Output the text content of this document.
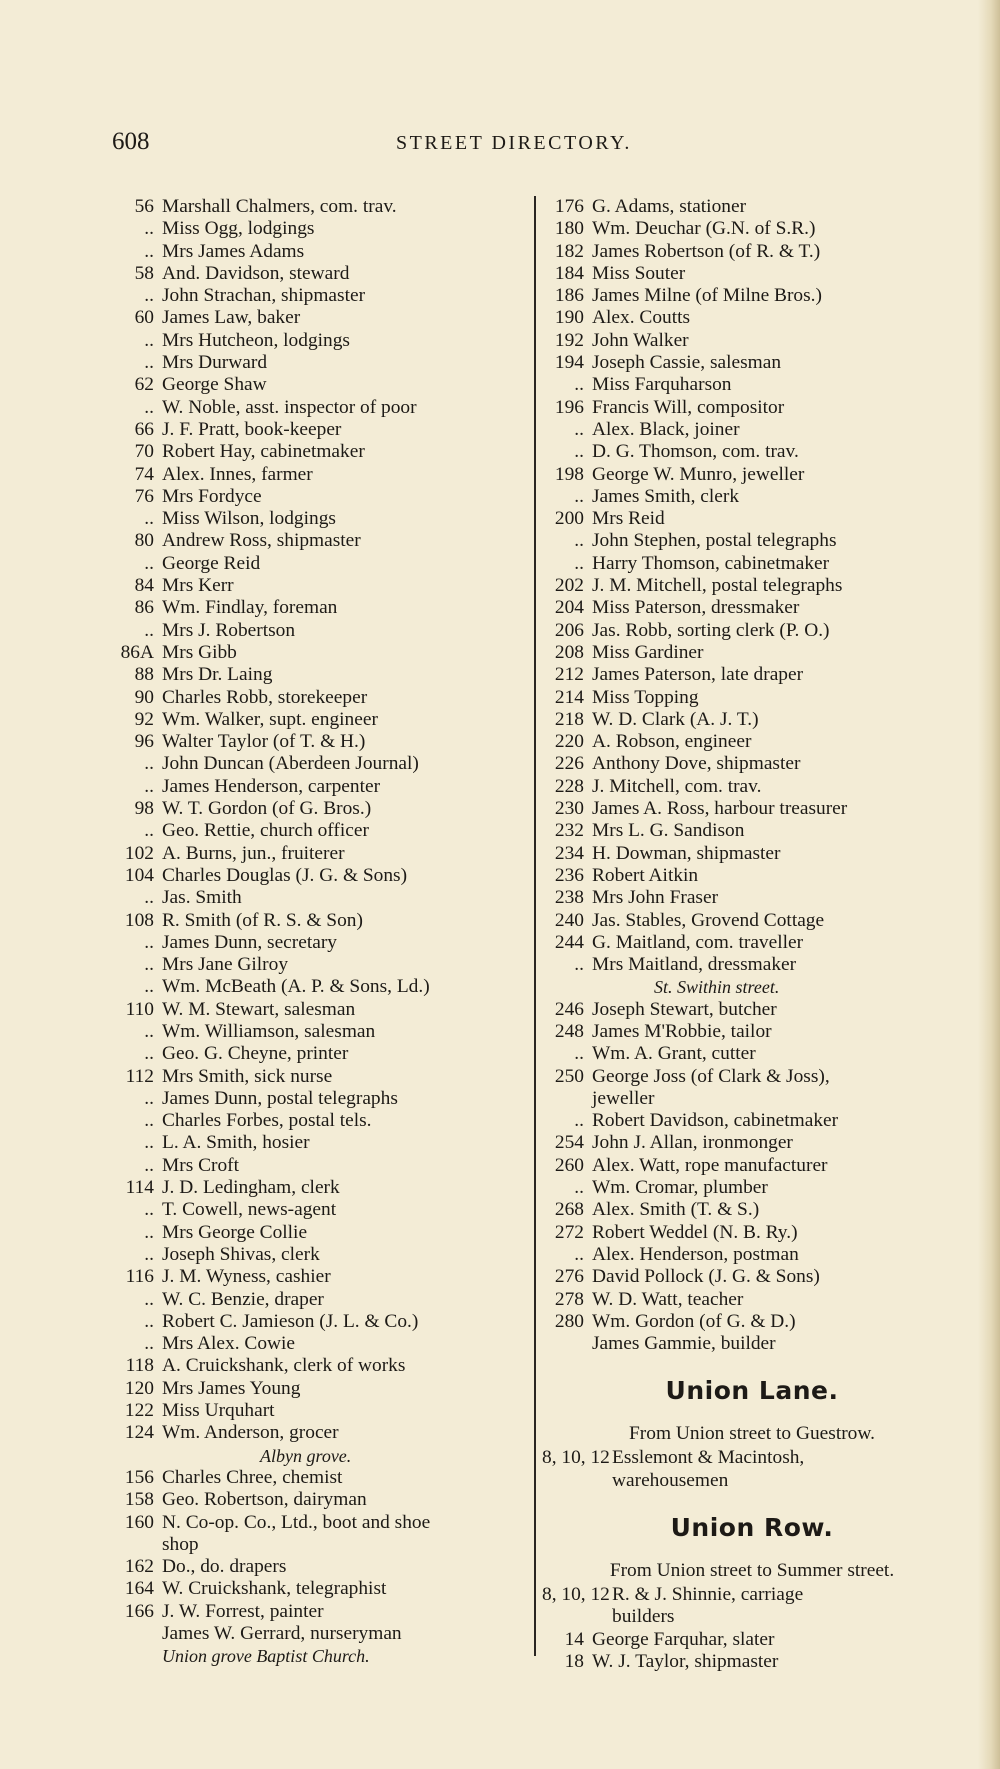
608	STREET DIRECTORY.
56 Marshall Chalmers, com. trav.
.. Miss Ogg, lodgings
.. Mrs James Adams
58 And. Davidson, steward
.. John Strachan, shipmaster
60 James Law, baker
.. Mrs Hutcheon, lodgings
.. Mrs Durward
62 George Shaw
.. W. Noble, asst. inspector of poor
66 J. F. Pratt, book-keeper
70 Robert Hay, cabinetmaker
74 Alex. Innes, farmer
76 Mrs Fordyce
.. Miss Wilson, lodgings
80 Andrew Ross, shipmaster
.. George Reid
84 Mrs Kerr
86 Wm. Findlay, foreman
.. Mrs J. Robertson
86A Mrs Gibb
88 Mrs Dr. Laing
90 Charles Robb, storekeeper
92 Wm. Walker, supt. engineer
96 Walter Taylor (of T. & H.)
.. John Duncan (Aberdeen Journal)
.. James Henderson, carpenter
98 W. T. Gordon (of G. Bros.)
.. Geo. Rettie, church officer
102 A. Burns, jun., fruiterer
104 Charles Douglas (J. G. & Sons)
.. Jas. Smith
108 R. Smith (of R. S. & Son)
.. James Dunn, secretary
.. Mrs Jane Gilroy
.. Wm. McBeath (A. P. & Sons, Ld.)
110 W. M. Stewart, salesman
.. Wm. Williamson, salesman
.. Geo. G. Cheyne, printer
112 Mrs Smith, sick nurse
.. James Dunn, postal telegraphs
.. Charles Forbes, postal tels.
.. L. A. Smith, hosier
.. Mrs Croft
114 J. D. Ledingham, clerk
.. T. Cowell, news-agent
.. Mrs George Collie
.. Joseph Shivas, clerk
116 J. M. Wyness, cashier
.. W. C. Benzie, draper
.. Robert C. Jamieson (J. L. & Co.)
.. Mrs Alex. Cowie
118 A. Cruickshank, clerk of works
120 Mrs James Young
122 Miss Urquhart
124 Wm. Anderson, grocer
Albyn grove.
156 Charles Chree, chemist
158 Geo. Robertson, dairyman
160 N. Co-op. Co., Ltd., boot and shoe
shop
162 Do., do. drapers
164 W. Cruickshank, telegraphist
166 J. W. Forrest, painter
James W. Gerrard, nurseryman
Union grove Baptist Church.
176 G. Adams, stationer
180 Wm. Deuchar (G.N. of S.R.)
182 James Robertson (of R. & T.)
184 Miss Souter
186 James Milne (of Milne Bros.)
190 Alex. Coutts
192 John Walker
194 Joseph Cassie, salesman
.. Miss Farquharson
196 Francis Will, compositor
.. Alex. Black, joiner
.. D. G. Thomson, com. trav.
198 George W. Munro, jeweller
.. James Smith, clerk
200 Mrs Reid
.. John Stephen, postal telegraphs
.. Harry Thomson, cabinetmaker
202 J. M. Mitchell, postal telegraphs
204 Miss Paterson, dressmaker
206 Jas. Robb, sorting clerk (P. O.)
208 Miss Gardiner
212 James Paterson, late draper
214 Miss Topping
218 W. D. Clark (A. J. T.)
220 A. Robson, engineer
226 Anthony Dove, shipmaster
228 J. Mitchell, com. trav.
230 James A. Ross, harbour treasurer
232 Mrs L. G. Sandison
234 H. Dowman, shipmaster
236 Robert Aitkin
238 Mrs John Fraser
240 Jas. Stables, Grovend Cottage
244 G. Maitland, com. traveller
.. Mrs Maitland, dressmaker
St. Swithin street.
246 Joseph Stewart, butcher
248 James M'Robbie, tailor
.. Wm. A. Grant, cutter
250 George Joss (of Clark & Joss),
jeweller
.. Robert Davidson, cabinetmaker
254 John J. Allan, ironmonger
260 Alex. Watt, rope manufacturer
.. Wm. Cromar, plumber
268 Alex. Smith (T. & S.)
272 Robert Weddel (N. B. Ry.)
.. Alex. Henderson, postman
276 David Pollock (J. G. & Sons)
278 W. D. Watt, teacher
280 Wm. Gordon (of G. & D.)
James Gammie, builder
Union Lane.
From Union street to Guestrow.
8, 10, 12 Esslemont & Macintosh,
warehousemen
Union Row.
From Union street to Summer street.
8, 10, 12 R. & J. Shinnie, carriage
builders
14 George Farquhar, slater
18 W. J. Taylor, shipmaster
